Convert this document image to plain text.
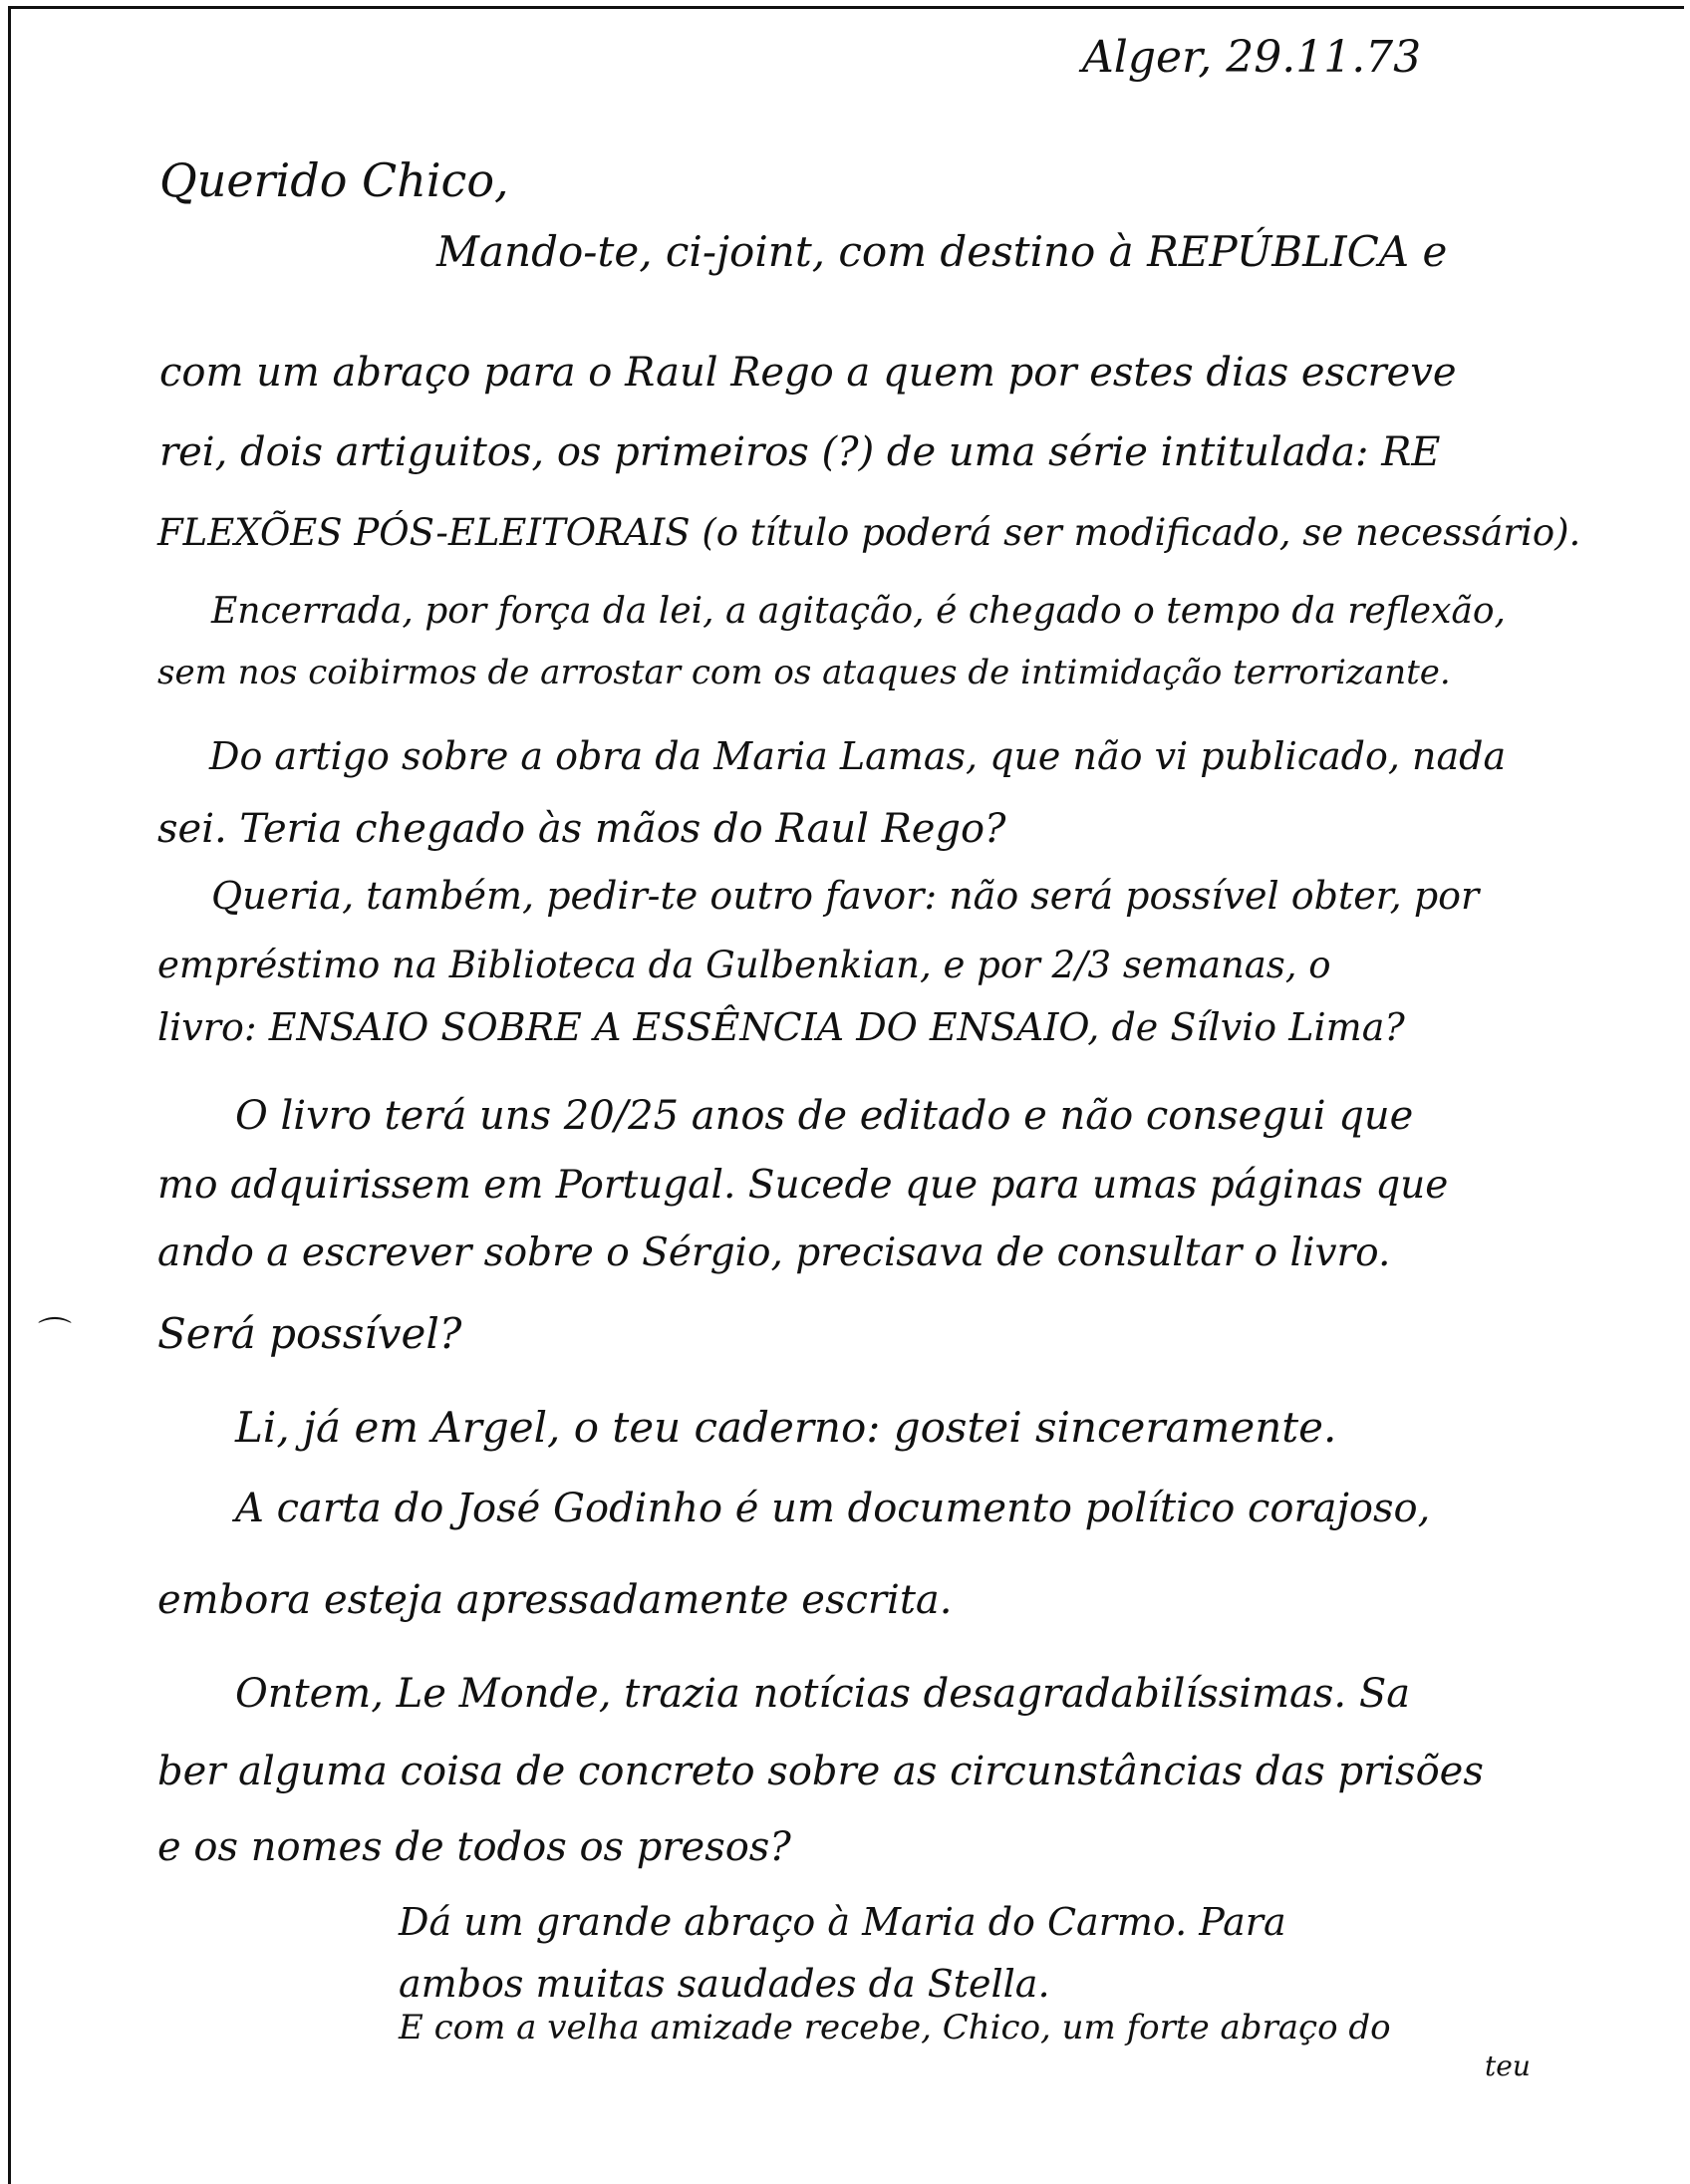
Alger, 29.11.73
Querido Chico,
Mando-te, ci-joint, com destino à REPÚBLICA e
com um abraço para o Raul Rego a quem por estes dias escreve
rei, dois artiguitos, os primeiros (?) de uma série intitulada: RE
FLEXÕES PÓS-ELEITORAIS (o título poderá ser modificado, se necessário).
Encerrada, por força da lei, a agitação, é chegado o tempo da reflexão,
sem nos coibirmos de arrostar com os ataques de intimidação terrorizante.
Do artigo sobre a obra da Maria Lamas, que não vi publicado, nada
sei. Teria chegado às mãos do Raul Rego?
Queria, também, pedir-te outro favor: não será possível obter, por
empréstimo na Biblioteca da Gulbenkian, e por 2/3 semanas, o
livro: ENSAIO SOBRE A ESSÊNCIA DO ENSAIO, de Sílvio Lima?
O livro terá uns 20/25 anos de editado e não consegui que
mo adquirissem em Portugal. Sucede que para umas páginas que
ando a escrever sobre o Sérgio, precisava de consultar o livro.
Será possível?
Li, já em Argel, o teu caderno: gostei sinceramente.
A carta do José Godinho é um documento político corajoso,
embora esteja apressadamente escrita.
Ontem, Le Monde, trazia notícias desagradabilíssimas. Sa
ber alguma coisa de concreto sobre as circunstâncias das prisões
e os nomes de todos os presos?
Dá um grande abraço à Maria do Carmo. Para
ambos muitas saudades da Stella.
E com a velha amizade recebe, Chico, um forte abraço do
teu
⌒
